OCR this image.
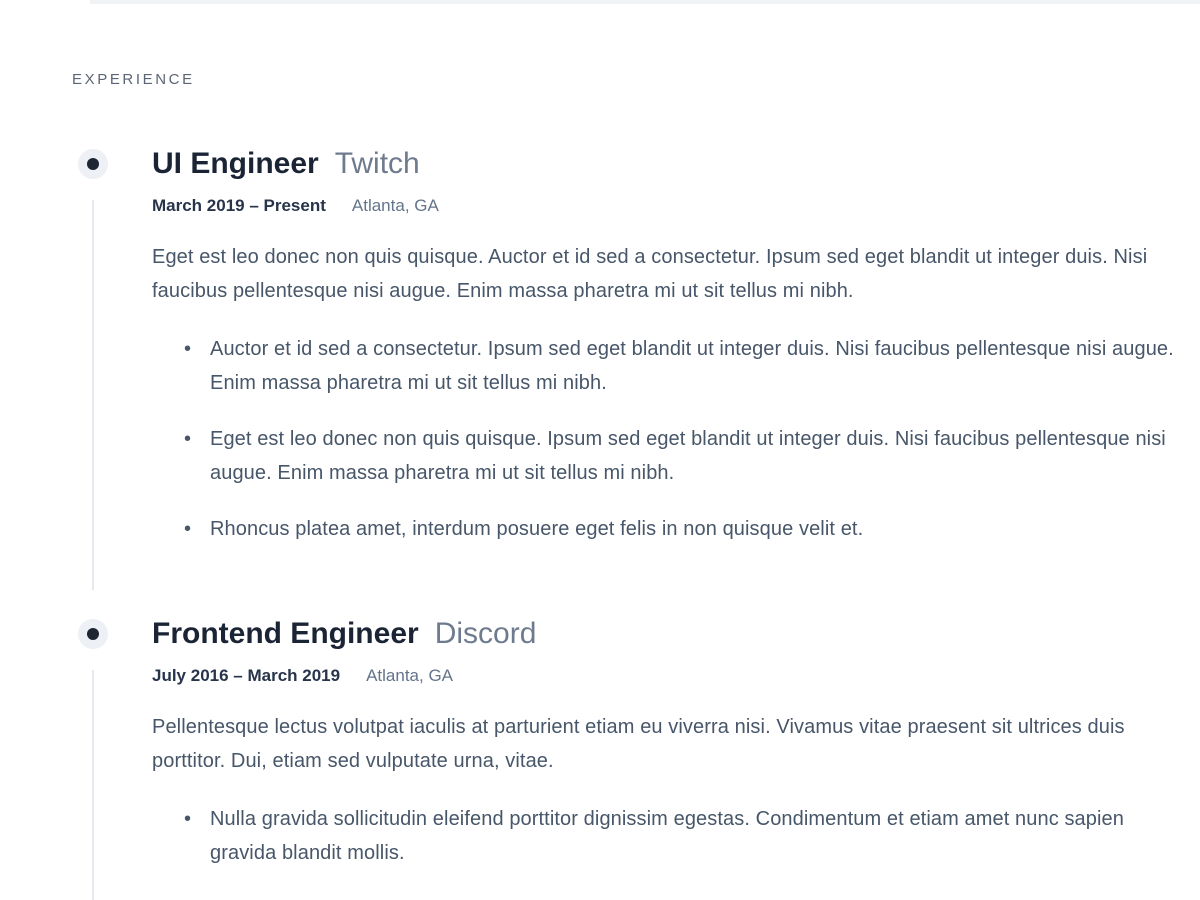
EXPERIENCE
UI Engineer Twitch
March 2019 – Present Atlanta, GA

Eget est leo donec non quis quisque. Auctor et id sed a consectetur. Ipsum sed eget blandit ut integer duis. Nisi faucibus pellentesque nisi augue. Enim massa pharetra mi ut sit tellus mi nibh.

• Auctor et id sed a consectetur. Ipsum sed eget blandit ut integer duis. Nisi faucibus pellentesque nisi augue. Enim massa pharetra mi ut sit tellus mi nibh.
• Eget est leo donec non quis quisque. Ipsum sed eget blandit ut integer duis. Nisi faucibus pellentesque nisi augue. Enim massa pharetra mi ut sit tellus mi nibh.
• Rhoncus platea amet, interdum posuere eget felis in non quisque velit et.
Frontend Engineer Discord
July 2016 – March 2019 Atlanta, GA

Pellentesque lectus volutpat iaculis at parturient etiam eu viverra nisi. Vivamus vitae praesent sit ultrices duis porttitor. Dui, etiam sed vulputate urna, vitae.

• Nulla gravida sollicitudin eleifend porttitor dignissim egestas. Condimentum et etiam amet nunc sapien gravida blandit mollis.
